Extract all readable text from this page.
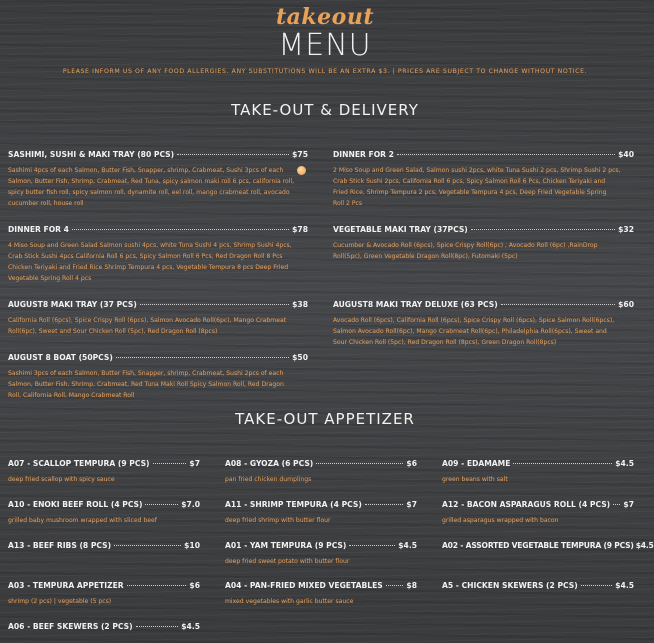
takeout
MENU
PLEASE INFORM US OF ANY FOOD ALLERGIES. ANY SUBSTITUTIONS WILL BE AN EXTRA $3. | PRICES ARE SUBJECT TO CHANGE WITHOUT NOTICE.
TAKE-OUT & DELIVERY
SASHIMI, SUSHI & MAKI TRAY (80 PCS)	$75
Sashimi 4pcs of each Salmon, Butter Fish, Snapper, shrimp, Crabmeat, Sushi 3pcs of each
Salmon, Butter Fish, Shrimp, Crabmeat, Red Tuna, spicy salmon maki roll 6 pcs, california roll,
spicy butter fish roll, spicy salmon roll, dynamite roll, eel roll, mango crabmeat roll, avocado
cucumber roll, house roll
DINNER FOR 2	$40
2 Miso Soup and Green Salad, Salmon sushi 2pcs, white Tuna Sushi 2 pcs, Shrimp Sushi 2 pcs,
Crab Stick Sushi 2pcs, California Roll 6 pcs, Spicy Salmon Roll 6 Pcs, Chicken Teriyaki and
Fried Rice, Shrimp Tempura 2 pcs, Vegetable Tempura 4 pcs, Deep Fried Vegetable Spring
Roll 2 Pcs
DINNER FOR 4	$78
4 Miso Soup and Green Salad Salmon sushi 4pcs, white Tuna Sushi 4 pcs, Shrimp Sushi 4pcs,
Crab Stick Sushi 4pcs California Roll 6 pcs, Spicy Salmon Roll 6 Pcs, Red Dragon Roll 8 Pcs
Chicken Teriyaki and Fried Rice Shrimp Tempura 4 pcs, Vegetable Tempura 8 pcs Deep Fried
Vegetable Spring Roll 4 pcs
VEGETABLE MAKI TRAY (37PCS)	$32
Cucumber & Avocado Roll (6pcs), Spice Crispy Roll(6pc) , Avocado Roll (6pc) ,RainDrop
Roll(5pc), Green Vegetable Dragon Roll(8pc), Futomaki (5pc)
AUGUST8 MAKI TRAY (37 PCS)	$38
California Roll (6pcs), Spice Crispy Roll (6pcs), Salmon Avocado Roll(6pc), Mango Crabmeat
Roll(6pc), Sweet and Sour Chicken Roll (5pc), Red Dragon Roll (8pcs)
AUGUST8 MAKI TRAY DELUXE (63 PCS)	$60
Avocado Roll (6pcs), California Roll (6pcs), Spice Crispy Roll (6pcs), Spice Salmon Roll(6pcs),
Salmon Avocado Roll(6pc), Mango Crabmeat Roll(6pc), Philadelphia Roll(6pcs), Sweet and
Sour Chicken Roll (5pc), Red Dragon Roll (8pcs), Green Dragon Roll(8pcs)
AUGUST 8 BOAT (50PCS)	$50
Sashimi 3pcs of each Salmon, Butter Fish, Snapper, shrimp, Crabmeat, Sushi 2pcs of each
Salmon, Butter Fish, Shrimp, Crabmeat, Red Tuna Maki Roll Spicy Salmon Roll, Red Dragon
Roll, California Roll, Mango Crabmeat Roll
TAKE-OUT APPETIZER
A07 - SCALLOP TEMPURA (9 PCS)	$7
deep fried scallop with spicy sauce
A08 - GYOZA (6 PCS)	$6
pan fried chicken dumplings
A09 - EDAMAME	$4.5
green beans with salt
A10 - ENOKI BEEF ROLL (4 PCS)	$7.0
grilled baby mushroom wrapped with sliced beef
A11 - SHRIMP TEMPURA (4 PCS)	$7
deep fried shrimp with butter flour
A12 - BACON ASPARAGUS ROLL (4 PCS) $7
grilled asparagus wrapped with bacon
A13 - BEEF RIBS (8 PCS)	$10	A01 - YAM TEMPURA (9 PCS)	$4.5
deep fried sweet potato with butter flour
A02 - ASSORTED VEGETABLE TEMPURA (9 PCS) $4.5
A03 - TEMPURA APPETIZER	$6
shrimp (2 pcs) | vegetable (5 pcs)
A04 - PAN-FRIED MIXED VEGETABLES	$8
mixed vegetables with garlic butter sauce
A5 - CHICKEN SKEWERS (2 PCS)	$4.5
A06 - BEEF SKEWERS (2 PCS)	$4.5
